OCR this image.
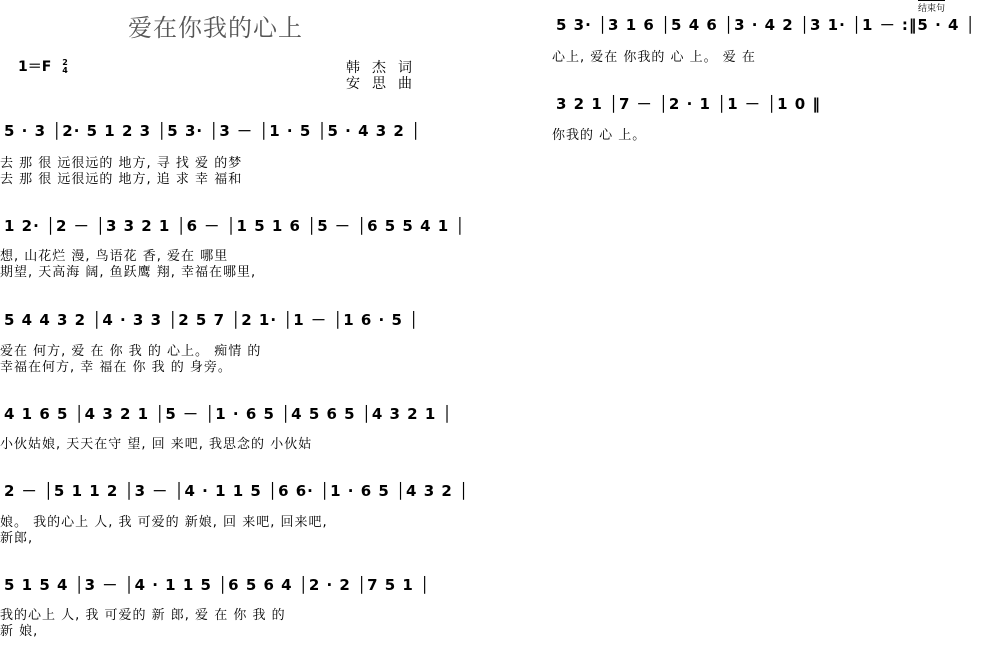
爱在你我的心上
1＝F 2
4	韩杰词
安思曲
结束句
5 · 3 │2· 5 1 2 3 │5 3· │3 － │1 · 5 │5 · 4 3 2 │
去 那 很 远很远的 地方, 寻 找 爱 的梦
去 那 很 远很远的 地方, 追 求 幸 福和
1 2· │2 － │3 3 2 1 │6 － │1 5 1 6 │5 － │6 5 5 4 1 │
想, 山花烂 漫, 鸟语花 香, 爱在 哪里
期望, 天高海 阔, 鱼跃鹰 翔, 幸福在哪里,
5 4 4 3 2 │4 · 3 3 │2 5 7 │2 1· │1 － │1 6 · 5 │
爱在 何方, 爱 在 你 我 的 心上。 痴情 的
幸福在何方, 幸 福在 你 我 的 身旁。
4 1 6 5 │4 3 2 1 │5 － │1 · 6 5 │4 5 6 5 │4 3 2 1 │
小伙姑娘, 天天在守 望, 回 来吧, 我思念的 小伙姑
2 － │5 1 1 2 │3 － │4 · 1 1 5 │6 6· │1 · 6 5 │4 3 2 │
娘。 我的心上 人, 我 可爱的 新娘, 回 来吧, 回来吧,
新郎,
5 1 5 4 │3 － │4 · 1 1 5 │6 5 6 4 │2 · 2 │7 5 1 │
我的心上 人, 我 可爱的 新 郎, 爱 在 你 我 的
新 娘,
5 3· │3 1 6 │5 4 6 │3 · 4 2 │3 1· │1 － :‖5 · 4 │
心上, 爱在 你我的 心 上。 爱 在
3 2 1 │7 － │2 · 1 │1 － │1 0 ‖
你我的 心 上。
